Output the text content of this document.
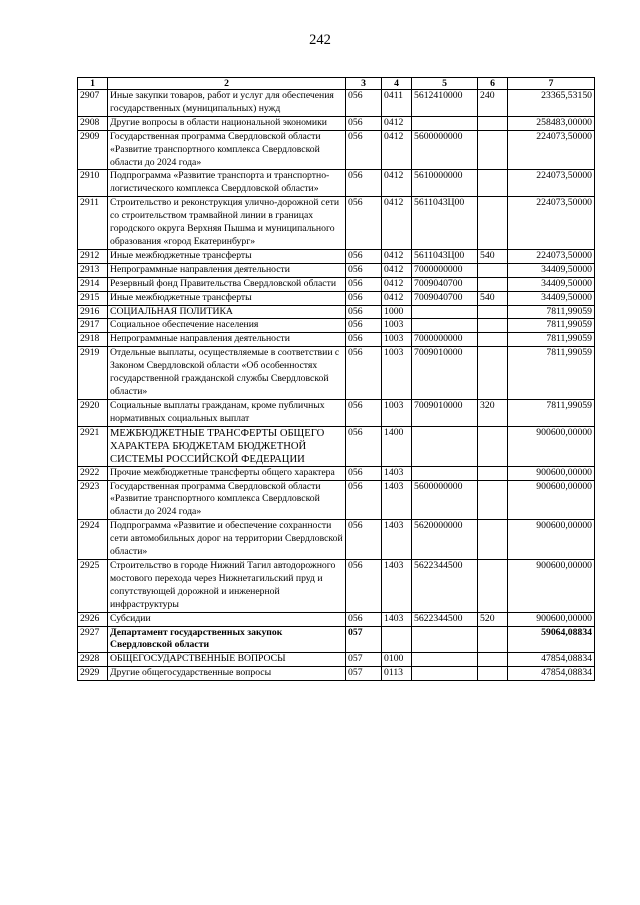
242
1	2	3	4	5	6	7
2907	Иные закупки товаров, работ и услуг для обеспечения государственных (муниципальных) нужд	056	0411	5612410000	240	23365,53150
2908	Другие вопросы в области национальной экономики	056	0412			258483,00000
2909	Государственная программа Свердловской области «Развитие транспортного комплекса Свердловской области до 2024 года»	056	0412	5600000000		224073,50000
2910	Подпрограмма «Развитие транспорта и транспортно-логистического комплекса Свердловской области»	056	0412	5610000000		224073,50000
2911	Строительство и реконструкция улично-дорожной сети со строительством трамвайной линии в границах городского округа Верхняя Пышма и муниципального образования «город Екатеринбург»	056	0412	5611043Ц00		224073,50000
2912	Иные межбюджетные трансферты	056	0412	5611043Ц00	540	224073,50000
2913	Непрограммные направления деятельности	056	0412	7000000000		34409,50000
2914	Резервный фонд Правительства Свердловской области	056	0412	7009040700		34409,50000
2915	Иные межбюджетные трансферты	056	0412	7009040700	540	34409,50000
2916	СОЦИАЛЬНАЯ ПОЛИТИКА	056	1000			7811,99059
2917	Социальное обеспечение населения	056	1003			7811,99059
2918	Непрограммные направления деятельности	056	1003	7000000000		7811,99059
2919	Отдельные выплаты, осуществляемые в соответствии с Законом Свердловской области «Об особенностях государственной гражданской службы Свердловской области»	056	1003	7009010000		7811,99059
2920	Социальные выплаты гражданам, кроме публичных нормативных социальных выплат	056	1003	7009010000	320	7811,99059
2921	МЕЖБЮДЖЕТНЫЕ ТРАНСФЕРТЫ ОБЩЕГО ХАРАКТЕРА БЮДЖЕТАМ БЮДЖЕТНОЙ СИСТЕМЫ РОССИЙСКОЙ ФЕДЕРАЦИИ	056	1400			900600,00000
2922	Прочие межбюджетные трансферты общего характера	056	1403			900600,00000
2923	Государственная программа Свердловской области «Развитие транспортного комплекса Свердловской области до 2024 года»	056	1403	5600000000		900600,00000
2924	Подпрограмма «Развитие и обеспечение сохранности сети автомобильных дорог на территории Свердловской области»	056	1403	5620000000		900600,00000
2925	Строительство в городе Нижний Тагил автодорожного мостового перехода через Нижнетагильский пруд и сопутствующей дорожной и инженерной инфраструктуры	056	1403	5622344500		900600,00000
2926	Субсидии	056	1403	5622344500	520	900600,00000
2927	Департамент государственных закупок Свердловской области	057				59064,08834
2928	ОБЩЕГОСУДАРСТВЕННЫЕ ВОПРОСЫ	057	0100			47854,08834
2929	Другие общегосударственные вопросы	057	0113			47854,08834
